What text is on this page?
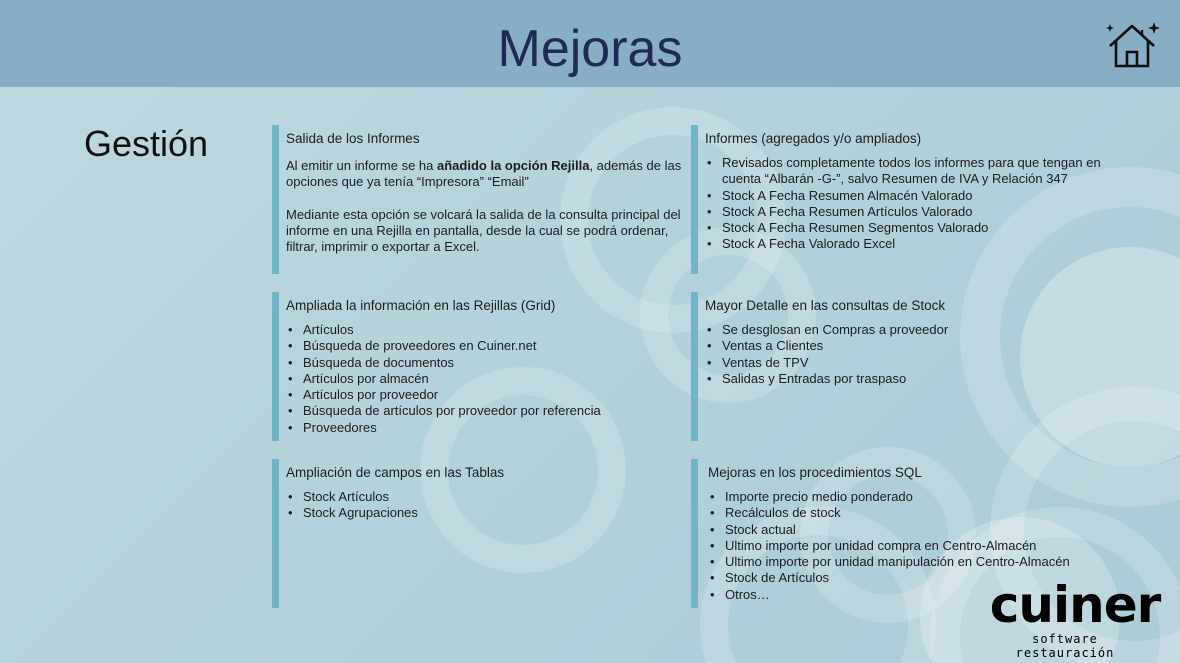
Mejoras
Gestión	Salida de los Informes

Al emitir un informe se ha añadido la opción Rejilla, además de las opciones que ya tenía “Impresora” “Email”

Mediante esta opción se volcará la salida de la consulta principal del informe en una Rejilla en pantalla, desde la cual se podrá ordenar, filtrar, imprimir o exportar a Excel.

Informes (agregados y/o ampliados)
• Revisados completamente todos los informes para que tengan en cuenta “Albarán -G-”, salvo Resumen de IVA y Relación 347
• Stock A Fecha Resumen Almacén Valorado
• Stock A Fecha Resumen Artículos Valorado
• Stock A Fecha Resumen Segmentos Valorado
• Stock A Fecha Valorado Excel
Ampliada la información en las Rejillas (Grid)
• Artículos
• Búsqueda de proveedores en Cuiner.net
• Búsqueda de documentos
• Artículos por almacén
• Artículos por proveedor
• Búsqueda de artículos por proveedor por referencia
• Proveedores
Mayor Detalle en las consultas de Stock
• Se desglosan en Compras a proveedor
• Ventas a Clientes
• Ventas de TPV
• Salidas y Entradas por traspaso
Ampliación de campos en las Tablas
• Stock Artículos
• Stock Agrupaciones
Mejoras en los procedimientos SQL
• Importe precio medio ponderado
• Recálculos de stock
• Stock actual
• Ultimo importe por unidad compra en Centro-Almacén
• Ultimo importe por unidad manipulación en Centro-Almacén
• Stock de Artículos
• Otros…	cuiner
software restauración
